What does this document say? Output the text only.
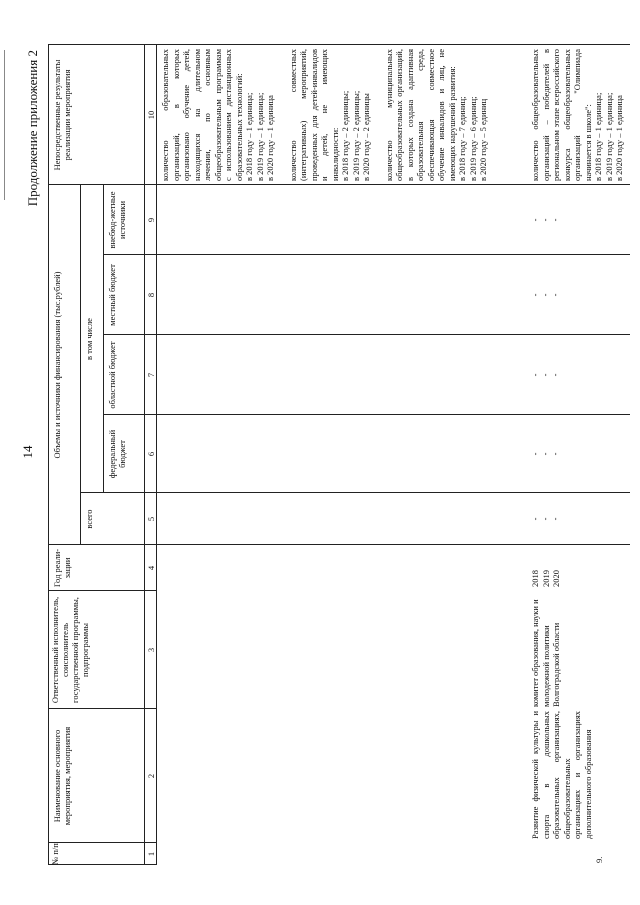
14
Продолжение приложения 2
№ п/п
Наименование основного мероприятия, мероприятия
Ответственный исполнитель, соисполнитель государственной программы, подпрограммы
Год реали-зации
Объемы и источники финансирования (тыс.рублей)
всего
в том числе
федеральный бюджет
областной бюджет
местный бюджет
внебюд-жетные источники
Непосредственные результаты реализации мероприятия
1
2
3
4
5
6
7
8
9
10 количество образовательных организаций, в которых организовано обучение детей, находящихся на длительном лечении, по основным общеобразовательным программам с использованием дистанционных образовательных технологий: в 2018 году – 1 единица; в 2019 году – 1 единица; в 2020 году – 1 единица количество совместных (интегративных) мероприятий, проведенных для детей-инвалидов и детей, не имеющих инвалидности: в 2018 году – 2 единицы; в 2019 году – 2 единицы; в 2020 году – 2 единицы количество муниципальных общеобразовательных организаций, в которых создана адаптивная образовательная среда, обеспечивающая совместное обучение инвалидов и лиц, не имеющих нарушений развития: в 2018 году – 7 единиц; в 2019 году – 6 единиц; в 2020 году – 5 единиц
9.
Развитие физической культуры и спорта в дошкольных образовательных организациях, общеобразовательных организациях и организациях дополнительного образования
комитет образования, науки и молодежной политики Волгоградской области
2018 2019 2020
- - -
- - -
- - -
- - -
- - -
количество общеобразовательных организаций – победителей в региональном этапе всероссийского конкурса общеобразовательных организаций "Олимпиада начинается в школе": в 2018 году – 1 единица; в 2019 году – 1 единица; в 2020 году – 1 единица
